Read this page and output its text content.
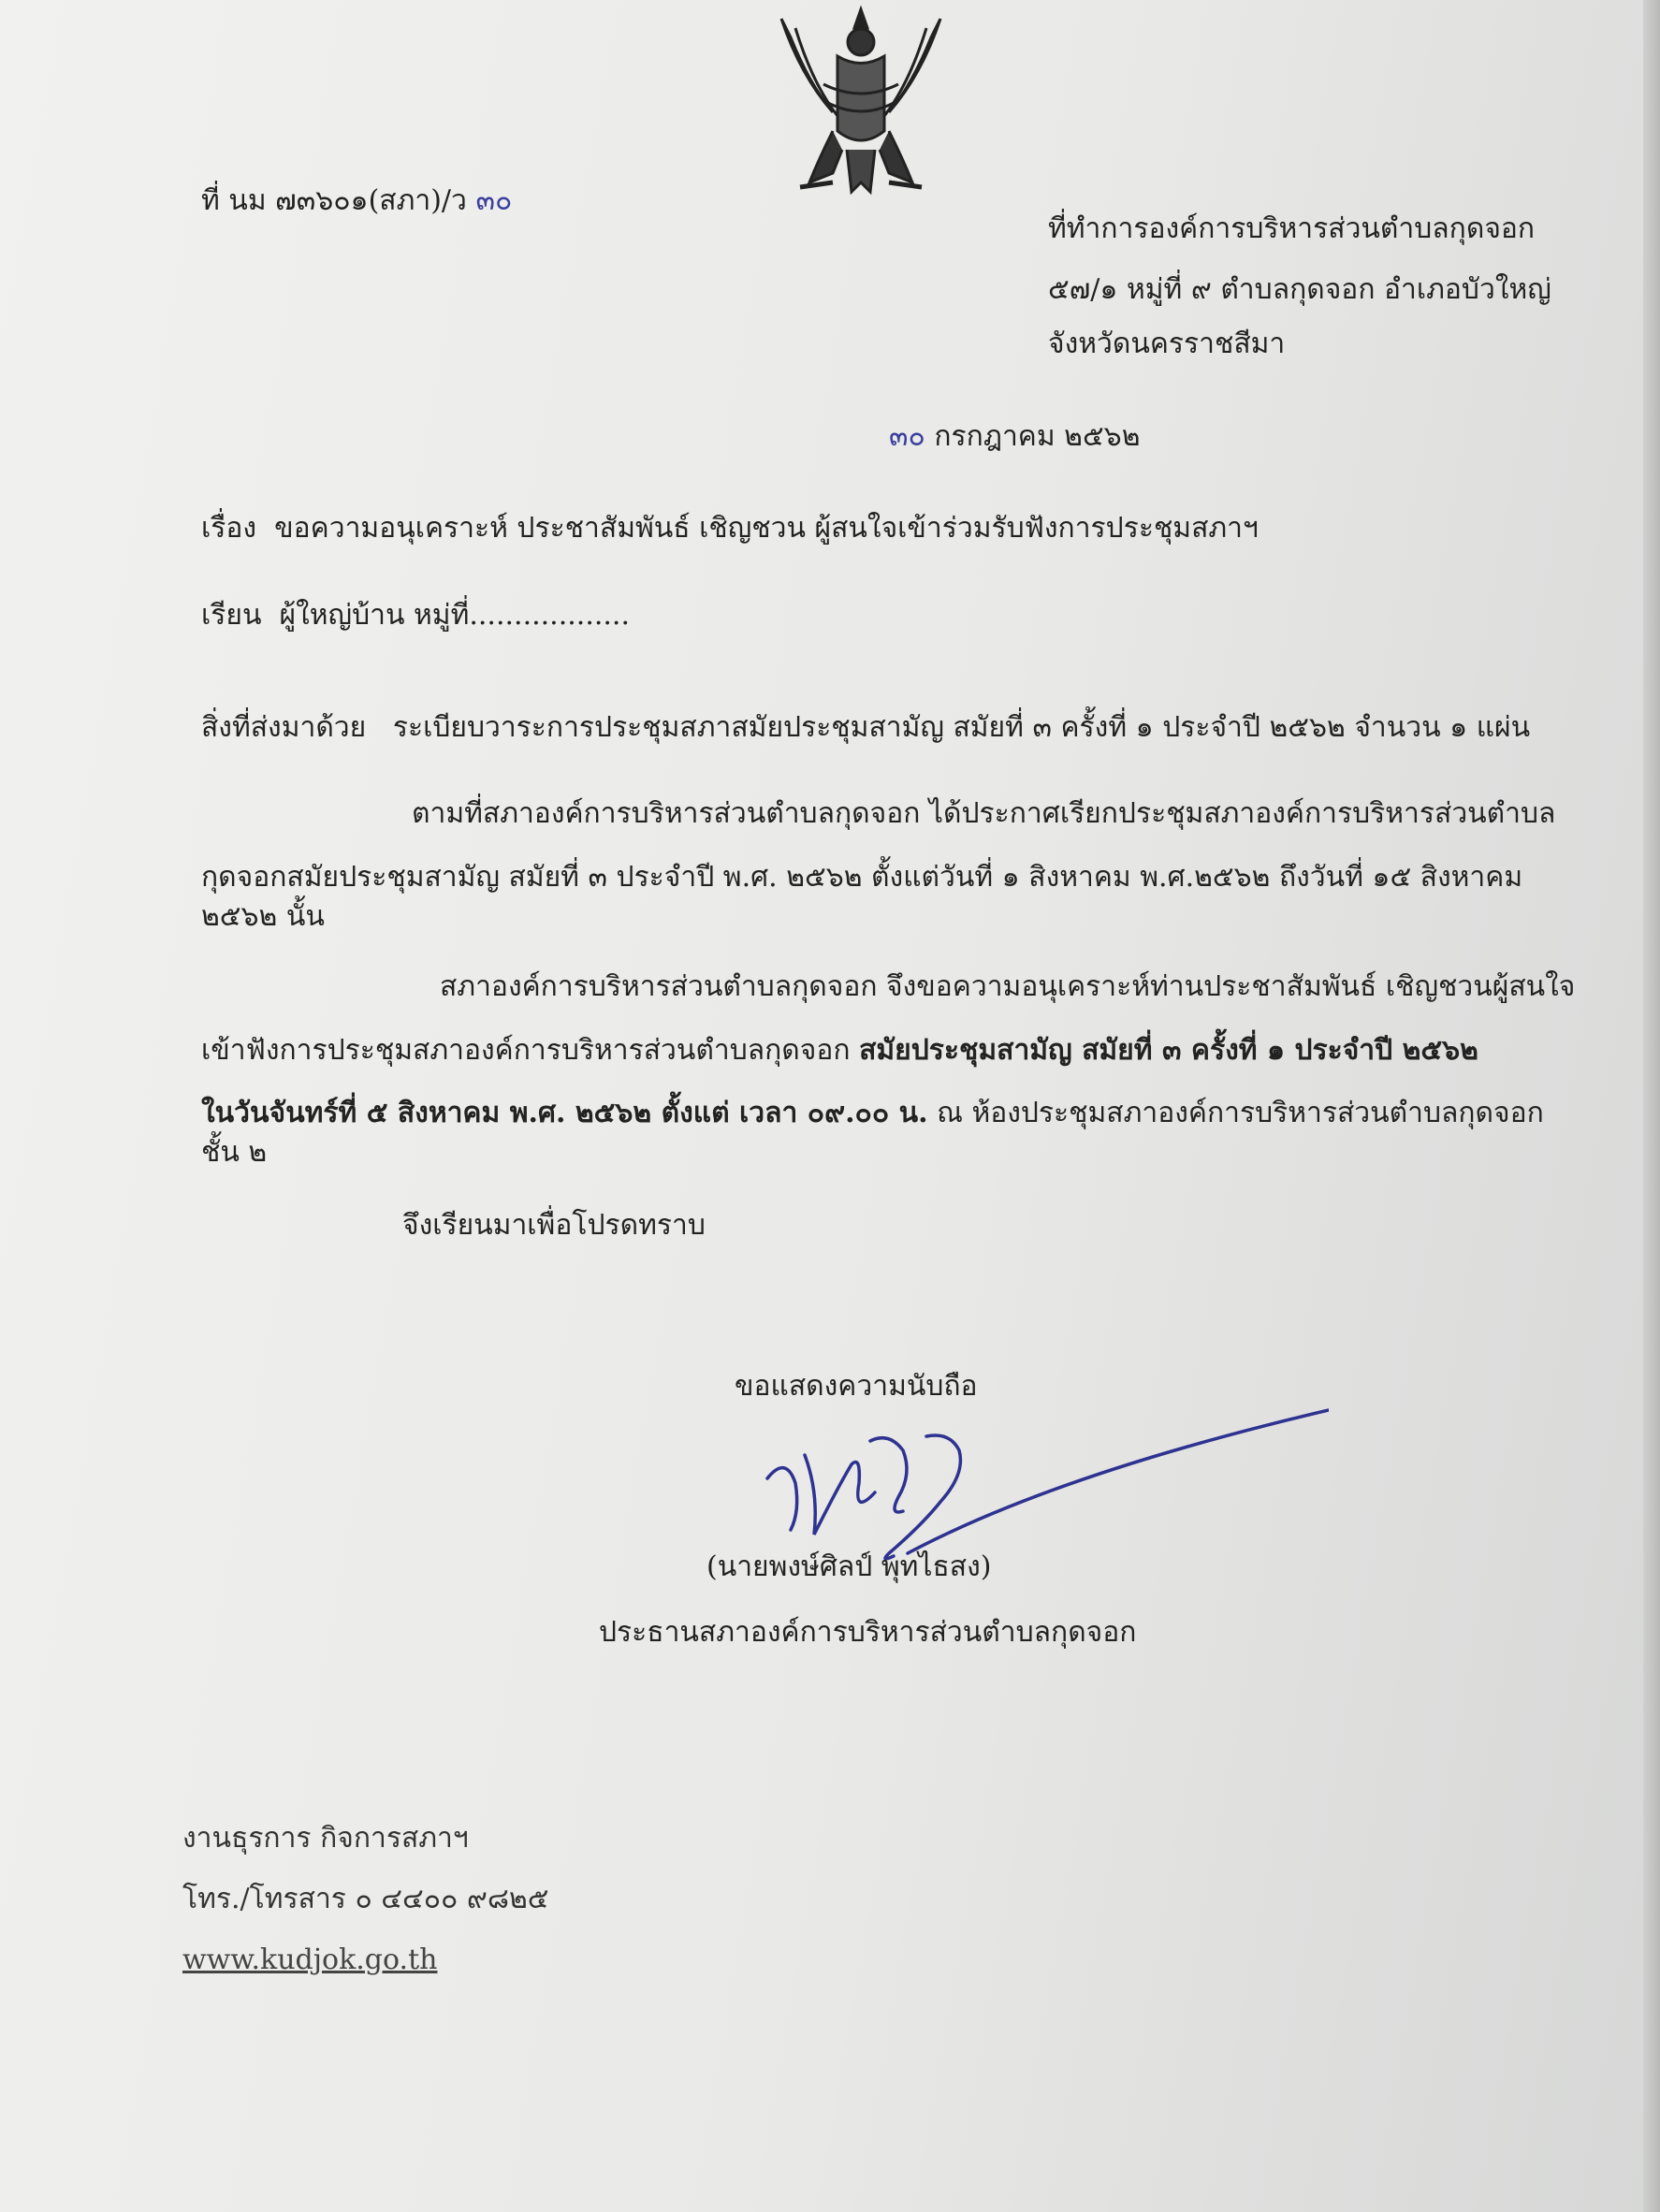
ที่ นม ๗๓๖๐๑(สภา)/ว ๓๐
ที่ทำการองค์การบริหารส่วนตำบลกุดจอก
๕๗/๑ หมู่ที่ ๙ ตำบลกุดจอก อำเภอบัวใหญ่
จังหวัดนครราชสีมา
๓๐ กรกฎาคม ๒๕๖๒
เรื่อง ขอความอนุเคราะห์ ประชาสัมพันธ์ เชิญชวน ผู้สนใจเข้าร่วมรับฟังการประชุมสภาฯ
เรียน ผู้ใหญ่บ้าน หมู่ที่..................
สิ่งที่ส่งมาด้วย ระเบียบวาระการประชุมสภาสมัยประชุมสามัญ สมัยที่ ๓ ครั้งที่ ๑ ประจำปี ๒๕๖๒ จำนวน ๑ แผ่น
ตามที่สภาองค์การบริหารส่วนตำบลกุดจอก ได้ประกาศเรียกประชุมสภาองค์การบริหารส่วนตำบล
กุดจอกสมัยประชุมสามัญ สมัยที่ ๓ ประจำปี พ.ศ. ๒๕๖๒ ตั้งแต่วันที่ ๑ สิงหาคม พ.ศ.๒๕๖๒ ถึงวันที่ ๑๕ สิงหาคม
๒๕๖๒ นั้น
สภาองค์การบริหารส่วนตำบลกุดจอก จึงขอความอนุเคราะห์ท่านประชาสัมพันธ์ เชิญชวนผู้สนใจ
เข้าฟังการประชุมสภาองค์การบริหารส่วนตำบลกุดจอก สมัยประชุมสามัญ สมัยที่ ๓ ครั้งที่ ๑ ประจำปี ๒๕๖๒
ในวันจันทร์ที่ ๕ สิงหาคม พ.ศ. ๒๕๖๒ ตั้งแต่ เวลา ๐๙.๐๐ น. ณ ห้องประชุมสภาองค์การบริหารส่วนตำบลกุดจอก
ชั้น ๒
จึงเรียนมาเพื่อโปรดทราบ
ขอแสดงความนับถือ
(นายพงษ์ศิลป์ พุทไธสง)
ประธานสภาองค์การบริหารส่วนตำบลกุดจอก
งานธุรการ กิจการสภาฯ
โทร./โทรสาร ๐ ๔๔๐๐ ๙๘๒๕
www.kudjok.go.th
